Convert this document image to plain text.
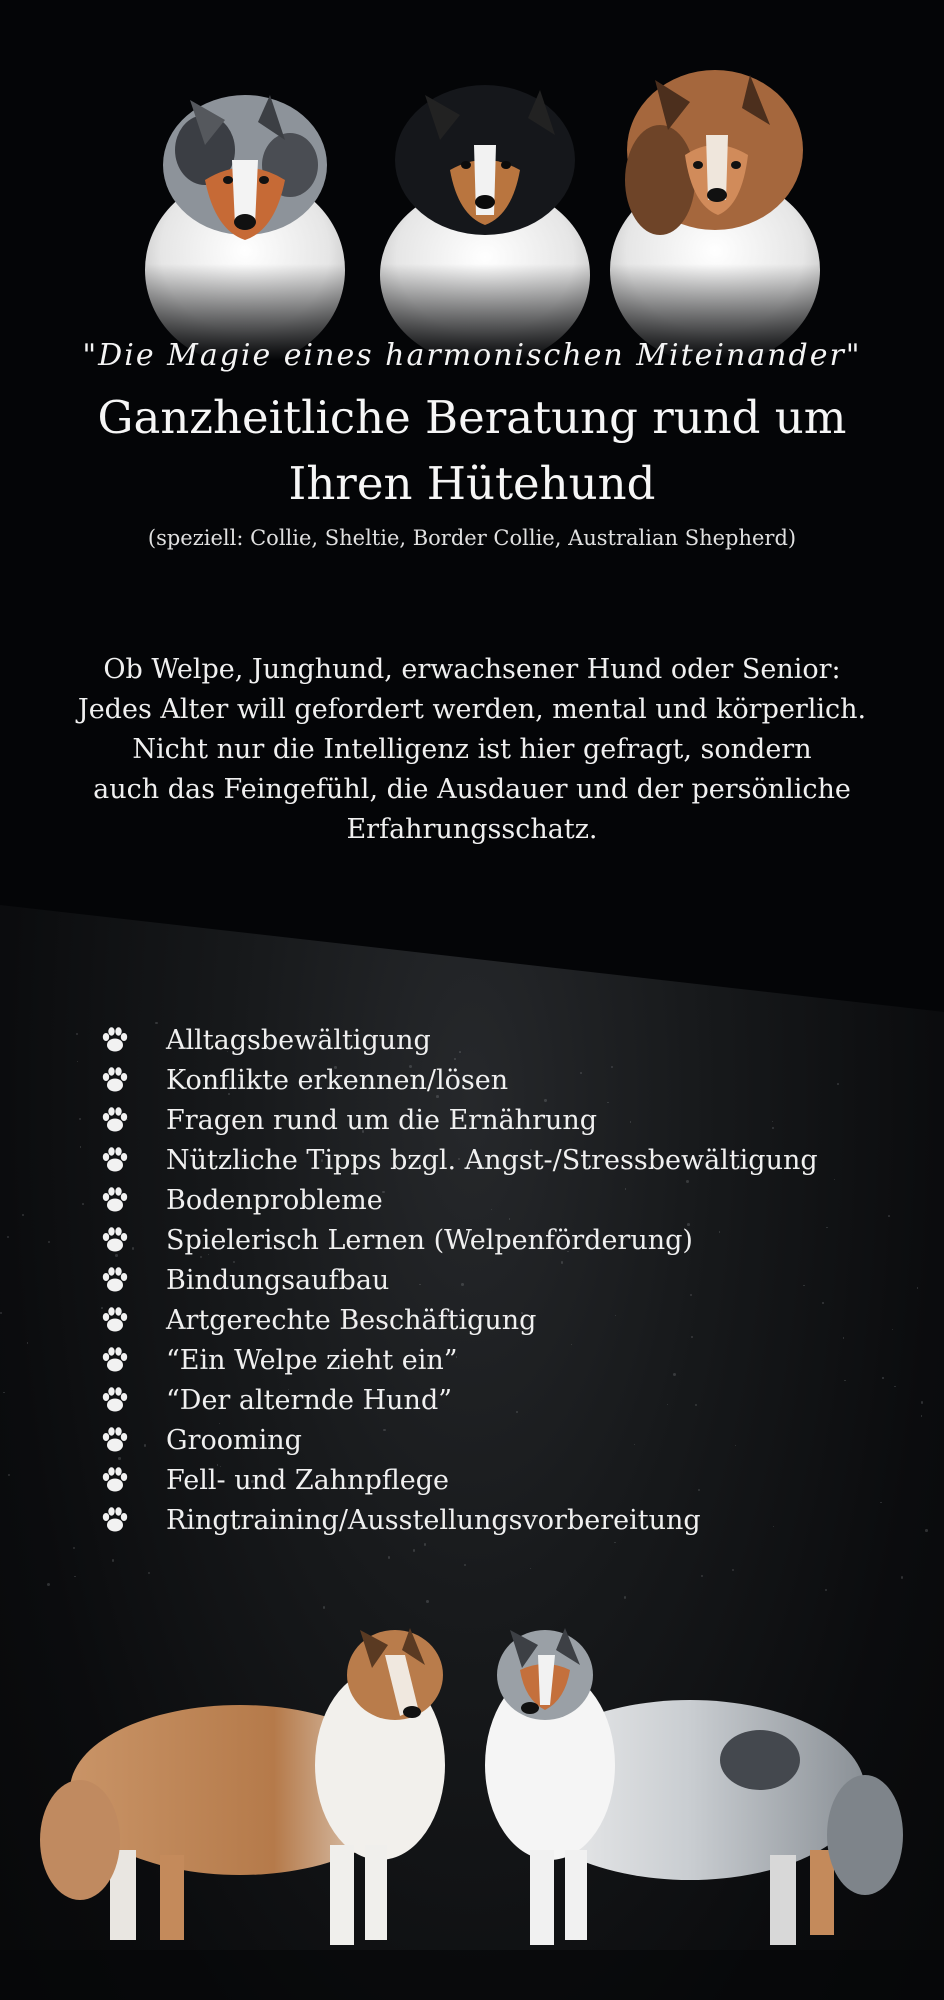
"Die Magie eines harmonischen Miteinander"
Ganzheitliche Beratung rund um
Ihren Hütehund
(speziell: Collie, Sheltie, Border Collie, Australian Shepherd)

Ob Welpe, Junghund, erwachsener Hund oder Senior:
Jedes Alter will gefordert werden, mental und körperlich.
Nicht nur die Intelligenz ist hier gefragt, sondern
auch das Feingefühl, die Ausdauer und der persönliche
Erfahrungsschatz.

Alltagsbewältigung
Konflikte erkennen/lösen
Fragen rund um die Ernährung
Nützliche Tipps bzgl. Angst-/Stressbewältigung
Bodenprobleme
Spielerisch Lernen (Welpenförderung)
Bindungsaufbau
Artgerechte Beschäftigung
“Ein Welpe zieht ein”
“Der alternde Hund”
Grooming
Fell- und Zahnpflege
Ringtraining/Ausstellungsvorbereitung
